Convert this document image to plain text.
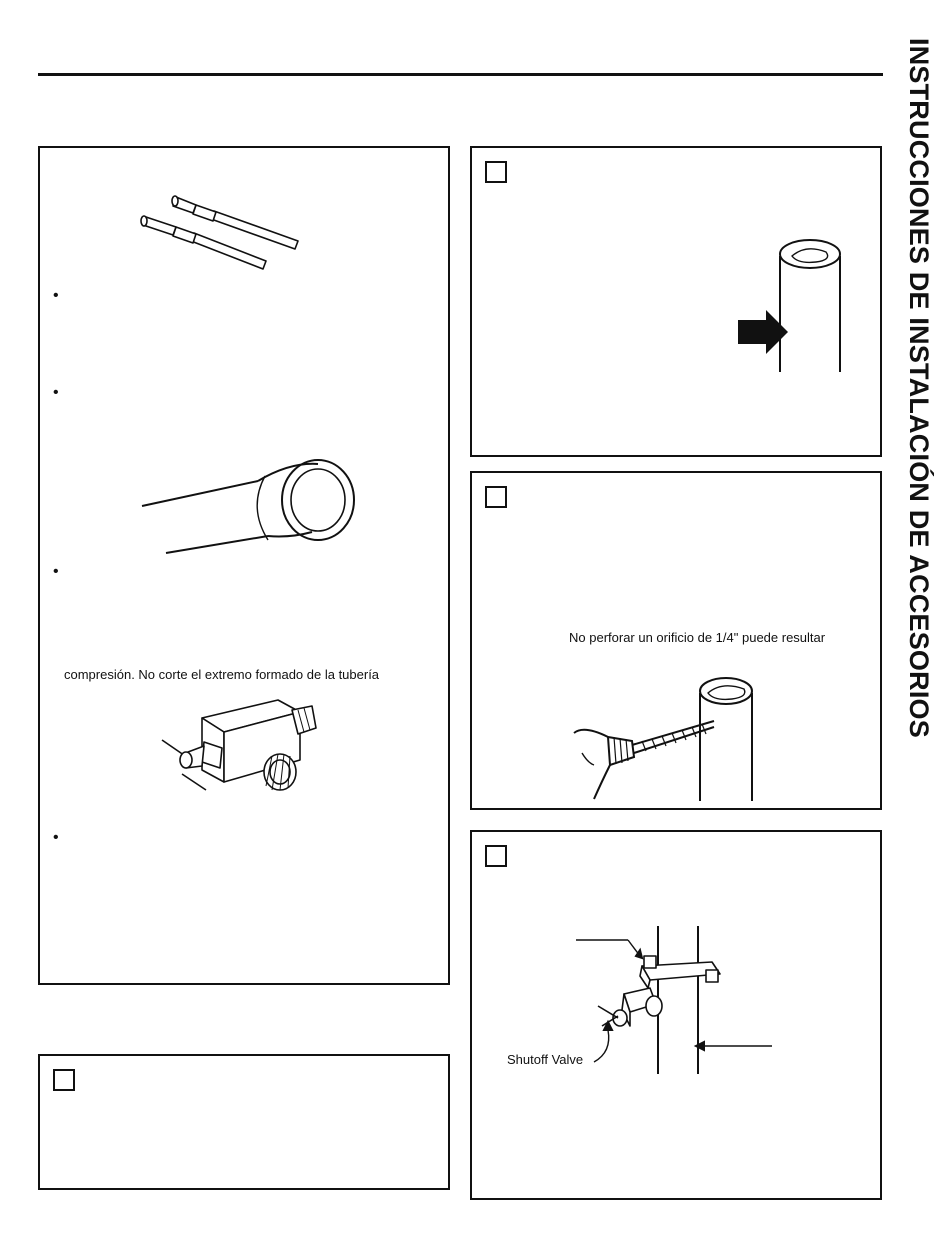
INSTRUCCIONES DE INSTALACIÓN DE ACCESORIOS
•
•
•
compresión. No corte el extremo formado de la tubería
•
No perforar un orificio de 1/4" puede resultar
Shutoff Valve
